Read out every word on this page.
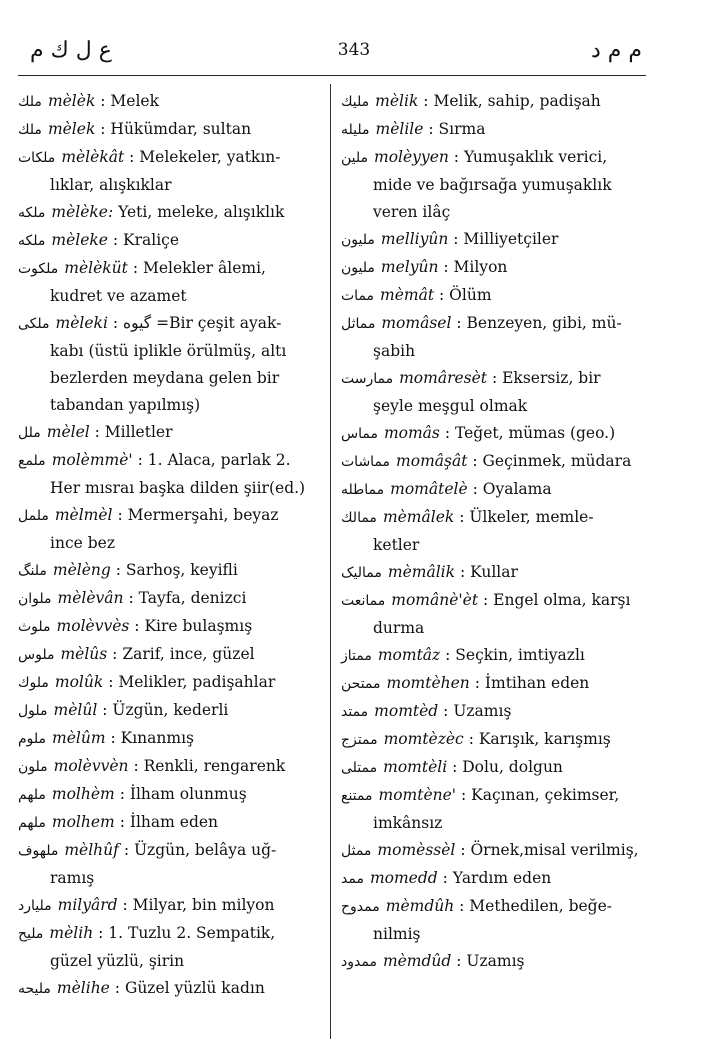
ع ل ك م	343	م م د

ملك mèlèk : Melek

ملك mèlek : Hükümdar, sultan

ملكات mèlèkât : Melekeler, yatkın-

lıklar, alışkıklar

ملكه mèlèke: Yeti, meleke, alışıklık

ملكه mèleke : Kraliçe

ملكوت mèlèküt : Melekler âlemi,

kudret ve azamet

ملكى mèleki : گيوه =Bir çeşit ayak-

kabı (üstü iplikle örülmüş, altı

bezlerden meydana gelen bir

tabandan yapılmış)

ملل mèlel : Milletler

ملمع molèmmè' : 1. Alaca, parlak 2.

Her mısraı başka dilden şiir(ed.)

ململ mèlmèl : Mermerşahi, beyaz

ince bez

ملنگ mèlèng : Sarhoş, keyifli

ملوان mèlèvân : Tayfa, denizci

ملوث molèvvès : Kire bulaşmış

ملوس mèlûs : Zarif, ince, güzel

ملوك molûk : Melikler, padişahlar

ملول mèlûl : Üzgün, kederli

ملوم mèlûm : Kınanmış

ملون molèvvèn : Renkli, rengarenk

ملهم molhèm : İlham olunmuş

ملهم molhem : İlham eden

ملهوف mèlhûf : Üzgün, belâya uğ-

ramış

مليارد milyârd : Milyar, bin milyon

مليح mèlih : 1. Tuzlu 2. Sempatik,

güzel yüzlü, şirin

مليحه mèlihe : Güzel yüzlü kadın

مليك mèlik : Melik, sahip, padişah

مليله mèlile : Sırma

ملين molèyyen : Yumuşaklık verici,

mide ve bağırsağa yumuşaklık

veren ilâç

مليون melliyûn : Milliyetçiler

مليون melyûn : Milyon

ممات mèmât : Ölüm

مماثل momâsel : Benzeyen, gibi, mü-

şabih

ممارست momâresèt : Eksersiz, bir

şeyle meşgul olmak

مماس momâs : Teğet, mümas (geo.)

مماشات momâşât : Geçinmek, müdara

مماطله momâtelè : Oyalama

ممالك mèmâlek : Ülkeler, memle-

ketler

ممالیک mèmâlik : Kullar

ممانعت momânè'èt : Engel olma, karşı

durma

ممتاز momtâz : Seçkin, imtiyazlı

ممتحن momtèhen : İmtihan eden

ممتد momtèd : Uzamış

ممتزج momtèzèc : Karışık, karışmış

ممتلى momtèli : Dolu, dolgun

ممتنع momtène' : Kaçınan, çekimser,

imkânsız

ممثل momèssèl : Örnek,misal verilmiş,

ممد momedd : Yardım eden

ممدوح mèmdûh : Methedilen, beğe-

nilmiş

ممدود mèmdûd : Uzamış
